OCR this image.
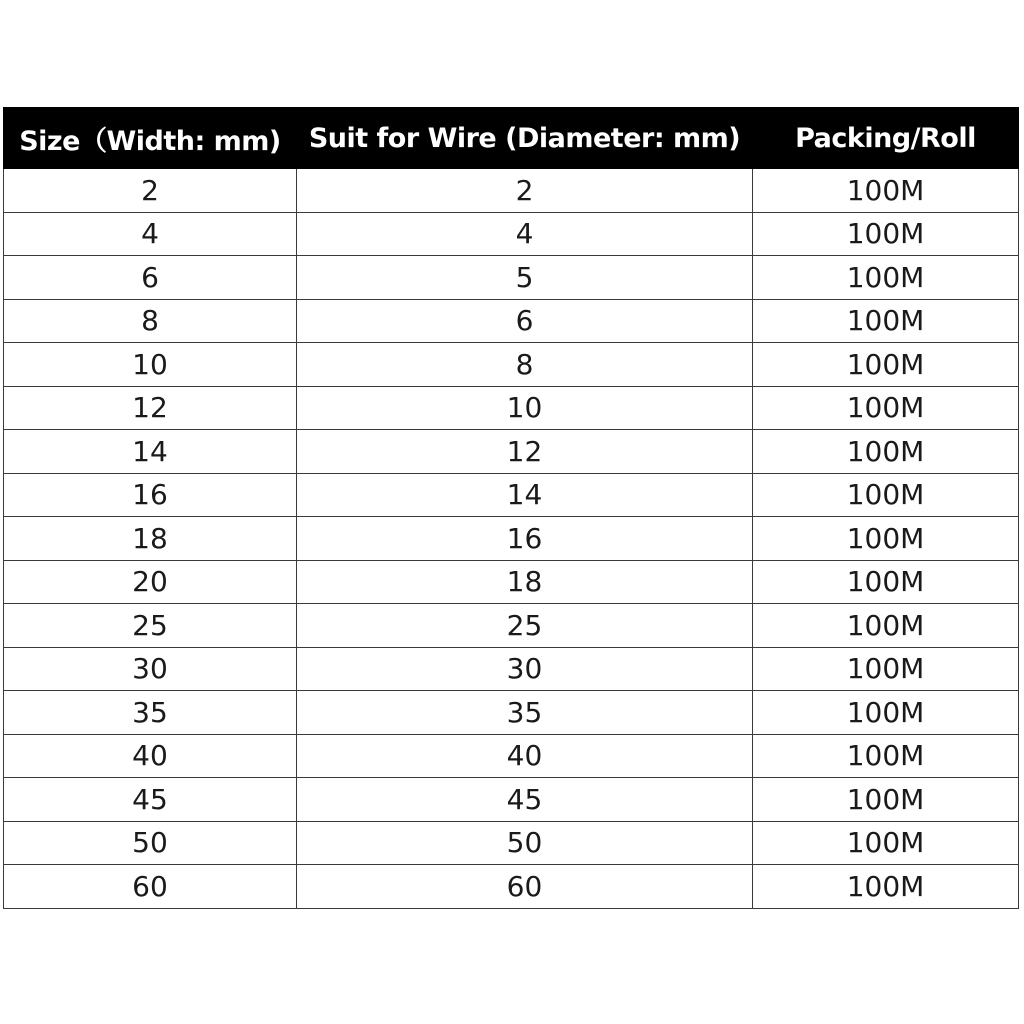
Size（Width: mm)	Suit for Wire (Diameter: mm)	Packing/Roll
2	2	100M
4	4	100M
6	5	100M
8	6	100M
10	8	100M
12	10	100M
14	12	100M
16	14	100M
18	16	100M
20	18	100M
25	25	100M
30	30	100M
35	35	100M
40	40	100M
45	45	100M
50	50	100M
60	60	100M
